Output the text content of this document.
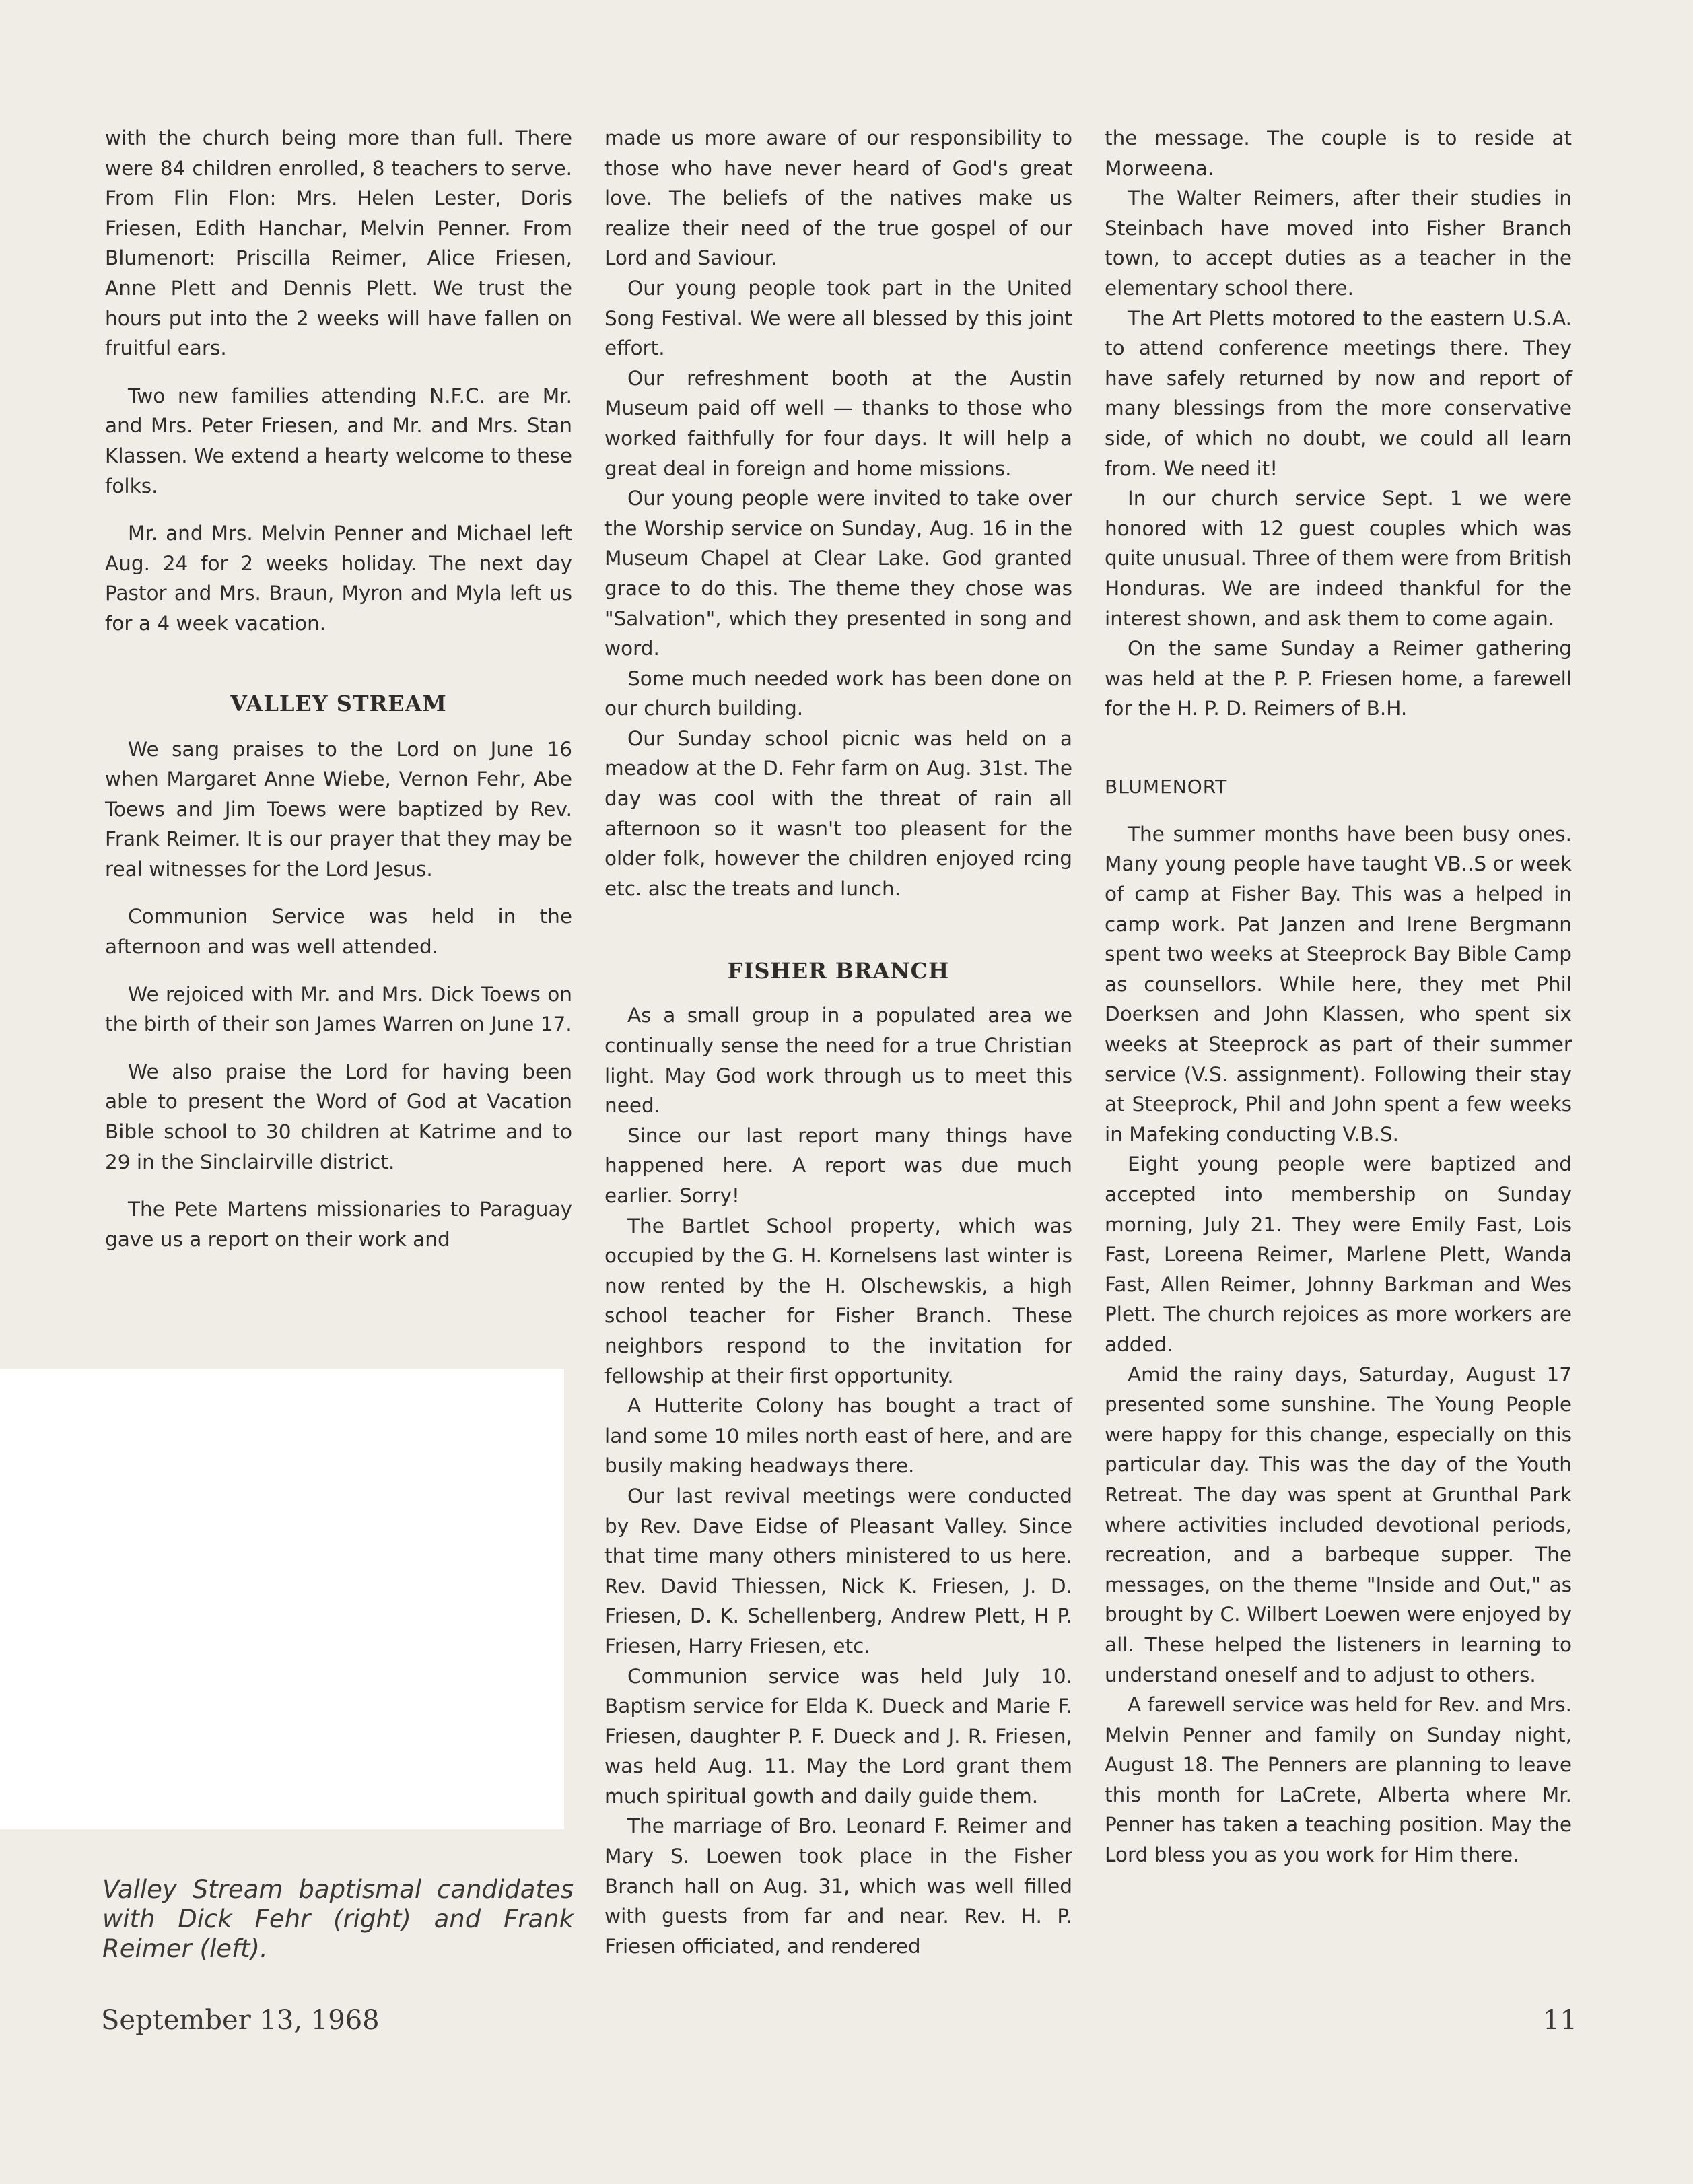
with the church being more than full. There were 84 children enrolled, 8 teachers to serve. From Flin Flon: Mrs. Helen Lester, Doris Friesen, Edith Hanchar, Melvin Penner. From Blumenort: Priscilla Reimer, Alice Friesen, Anne Plett and Dennis Plett. We trust the hours put into the 2 weeks will have fallen on fruitful ears.

Two new families attending N.F.C. are Mr. and Mrs. Peter Friesen, and Mr. and Mrs. Stan Klassen. We extend a hearty welcome to these folks.

Mr. and Mrs. Melvin Penner and Michael left Aug. 24 for 2 weeks holiday. The next day Pastor and Mrs. Braun, Myron and Myla left us for a 4 week vacation.

VALLEY STREAM

We sang praises to the Lord on June 16 when Margaret Anne Wiebe, Vernon Fehr, Abe Toews and Jim Toews were baptized by Rev. Frank Reimer. It is our prayer that they may be real witnesses for the Lord Jesus.

Communion Service was held in the afternoon and was well attended.

We rejoiced with Mr. and Mrs. Dick Toews on the birth of their son James Warren on June 17.

We also praise the Lord for having been able to present the Word of God at Vacation Bible school to 30 children at Katrime and to 29 in the Sinclairville district.

The Pete Martens missionaries to Paraguay gave us a report on their work and

made us more aware of our responsibility to those who have never heard of God's great love. The beliefs of the natives make us realize their need of the true gospel of our Lord and Saviour.

Our young people took part in the United Song Festival. We were all blessed by this joint effort.

Our refreshment booth at the Austin Museum paid off well — thanks to those who worked faithfully for four days. It will help a great deal in foreign and home missions.

Our young people were invited to take over the Worship service on Sunday, Aug. 16 in the Museum Chapel at Clear Lake. God granted grace to do this. The theme they chose was "Salvation", which they presented in song and word.

Some much needed work has been done on our church building.

Our Sunday school picnic was held on a meadow at the D. Fehr farm on Aug. 31st. The day was cool with the threat of rain all afternoon so it wasn't too pleasent for the older folk, however the children enjoyed rcing etc. alsc the treats and lunch.

FISHER BRANCH

As a small group in a populated area we continually sense the need for a true Christian light. May God work through us to meet this need.

Since our last report many things have happened here. A report was due much earlier. Sorry!

The Bartlet School property, which was occupied by the G. H. Kornelsens last winter is now rented by the H. Olschewskis, a high school teacher for Fisher Branch. These neighbors respond to the invitation for fellowship at their first opportunity.

A Hutterite Colony has bought a tract of land some 10 miles north east of here, and are busily making headways there.

Our last revival meetings were conducted by Rev. Dave Eidse of Pleasant Valley. Since that time many others ministered to us here. Rev. David Thiessen, Nick K. Friesen, J. D. Friesen, D. K. Schellenberg, Andrew Plett, H P. Friesen, Harry Friesen, etc.

Communion service was held July 10. Baptism service for Elda K. Dueck and Marie F. Friesen, daughter P. F. Dueck and J. R. Friesen, was held Aug. 11. May the Lord grant them much spiritual gowth and daily guide them.

The marriage of Bro. Leonard F. Reimer and Mary S. Loewen took place in the Fisher Branch hall on Aug. 31, which was well filled with guests from far and near. Rev. H. P. Friesen officiated, and rendered

the message. The couple is to reside at Morweena.

The Walter Reimers, after their studies in Steinbach have moved into Fisher Branch town, to accept duties as a teacher in the elementary school there.

The Art Pletts motored to the eastern U.S.A. to attend conference meetings there. They have safely returned by now and report of many blessings from the more conservative side, of which no doubt, we could all learn from. We need it!

In our church service Sept. 1 we were honored with 12 guest couples which was quite unusual. Three of them were from British Honduras. We are indeed thankful for the interest shown, and ask them to come again.

On the same Sunday a Reimer gathering was held at the P. P. Friesen home, a farewell for the H. P. D. Reimers of B.H.

BLUMENORT

The summer months have been busy ones. Many young people have taught VB..S or week of camp at Fisher Bay. This was a helped in camp work. Pat Janzen and Irene Bergmann spent two weeks at Steeprock Bay Bible Camp as counsellors. While here, they met Phil Doerksen and John Klassen, who spent six weeks at Steeprock as part of their summer service (V.S. assignment). Following their stay at Steeprock, Phil and John spent a few weeks in Mafeking conducting V.B.S.

Eight young people were baptized and accepted into membership on Sunday morning, July 21. They were Emily Fast, Lois Fast, Loreena Reimer, Marlene Plett, Wanda Fast, Allen Reimer, Johnny Barkman and Wes Plett. The church rejoices as more workers are added.

Amid the rainy days, Saturday, August 17 presented some sunshine. The Young People were happy for this change, especially on this particular day. This was the day of the Youth Retreat. The day was spent at Grunthal Park where activities included devotional periods, recreation, and a barbeque supper. The messages, on the theme "Inside and Out," as brought by C. Wilbert Loewen were enjoyed by all. These helped the listeners in learning to understand oneself and to adjust to others.

A farewell service was held for Rev. and Mrs. Melvin Penner and family on Sunday night, August 18. The Penners are planning to leave this month for LaCrete, Alberta where Mr. Penner has taken a teaching position. May the Lord bless you as you work for Him there.

Valley Stream baptismal candidates with Dick Fehr (right) and Frank Reimer (left).
September 13, 1968	11
